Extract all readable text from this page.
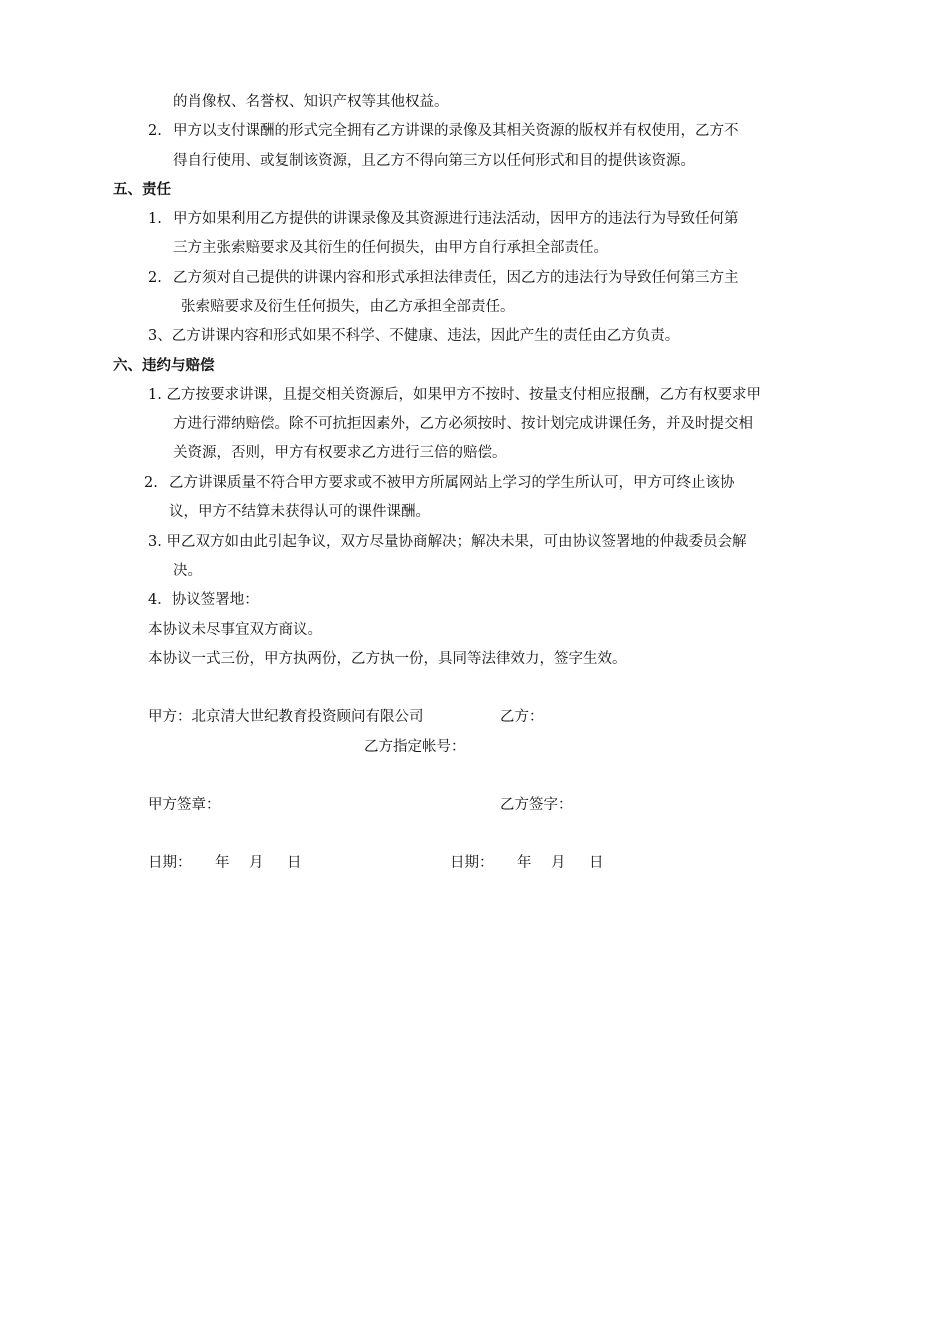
的肖像权、名誉权、知识产权等其他权益。
2. 甲方以支付课酬的形式完全拥有乙方讲课的录像及其相关资源的版权并有权使用，乙方不
得自行使用、或复制该资源，且乙方不得向第三方以任何形式和目的提供该资源。
五、责任
1. 甲方如果利用乙方提供的讲课录像及其资源进行违法活动，因甲方的违法行为导致任何第
三方主张索赔要求及其衍生的任何损失，由甲方自行承担全部责任。
2. 乙方须对自己提供的讲课内容和形式承担法律责任，因乙方的违法行为导致任何第三方主
张索赔要求及衍生任何损失，由乙方承担全部责任。
3、乙方讲课内容和形式如果不科学、不健康、违法，因此产生的责任由乙方负责。
六、违约与赔偿
1. 乙方按要求讲课，且提交相关资源后，如果甲方不按时、按量支付相应报酬，乙方有权要求甲
方进行滞纳赔偿。除不可抗拒因素外，乙方必须按时、按计划完成讲课任务，并及时提交相
关资源，否则，甲方有权要求乙方进行三倍的赔偿。
2. 乙方讲课质量不符合甲方要求或不被甲方所属网站上学习的学生所认可，甲方可终止该协
议，甲方不结算未获得认可的课件课酬。
3. 甲乙双方如由此引起争议，双方尽量协商解决；解决未果，可由协议签署地的仲裁委员会解
决。
4．协议签署地：
本协议未尽事宜双方商议。
本协议一式三份，甲方执两份，乙方执一份，具同等法律效力，签字生效。
甲方：北京清大世纪教育投资顾问有限公司	乙方：
乙方指定帐号：
甲方签章：	乙方签字：
日期： 年 月 日	日期： 年 月 日
